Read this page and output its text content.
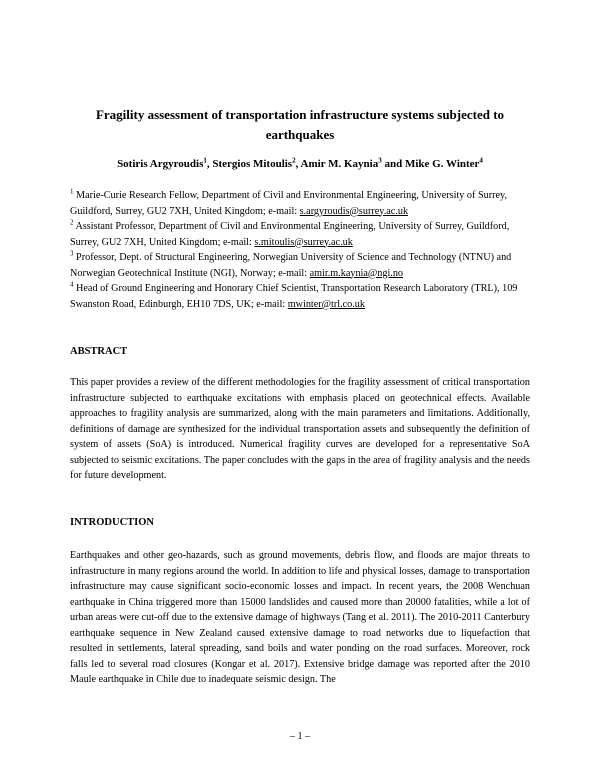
Fragility assessment of transportation infrastructure systems subjected to earthquakes
Sotiris Argyroudis$^1$, Stergios Mitoulis$^2$, Amir M. Kaynia$^3$ and Mike G. Winter$^4$
$^1$ Marie-Curie Research Fellow, Department of Civil and Environmental Engineering, University of Surrey, Guildford, Surrey, GU2 7XH, United Kingdom; e-mail: s.argyroudis@surrey.ac.uk
$^2$ Assistant Professor, Department of Civil and Environmental Engineering, University of Surrey, Guildford, Surrey, GU2 7XH, United Kingdom; e-mail: s.mitoulis@surrey.ac.uk
$^3$ Professor, Dept. of Structural Engineering, Norwegian University of Science and Technology (NTNU) and Norwegian Geotechnical Institute (NGI), Norway; e-mail: amir.m.kaynia@ngi.no
$^4$ Head of Ground Engineering and Honorary Chief Scientist, Transportation Research Laboratory (TRL), 109 Swanston Road, Edinburgh, EH10 7DS, UK; e-mail: mwinter@trl.co.uk
ABSTRACT
This paper provides a review of the different methodologies for the fragility assessment of critical transportation infrastructure subjected to earthquake excitations with emphasis placed on geotechnical effects. Available approaches to fragility analysis are summarized, along with the main parameters and limitations. Additionally, definitions of damage are synthesized for the individual transportation assets and subsequently the definition of system of assets (SoA) is introduced. Numerical fragility curves are developed for a representative SoA subjected to seismic excitations. The paper concludes with the gaps in the area of fragility analysis and the needs for future development.
INTRODUCTION
Earthquakes and other geo-hazards, such as ground movements, debris flow, and floods are major threats to infrastructure in many regions around the world. In addition to life and physical losses, damage to transportation infrastructure may cause significant socio-economic losses and impact. In recent years, the 2008 Wenchuan earthquake in China triggered more than 15000 landslides and caused more than 20000 fatalities, while a lot of urban areas were cut-off due to the extensive damage of highways (Tang et al. 2011). The 2010-2011 Canterbury earthquake sequence in New Zealand caused extensive damage to road networks due to liquefaction that resulted in settlements, lateral spreading, sand boils and water ponding on the road surfaces. Moreover, rock falls led to several road closures (Kongar et al. 2017). Extensive bridge damage was reported after the 2010 Maule earthquake in Chile due to inadequate seismic design. The
– 1 –
